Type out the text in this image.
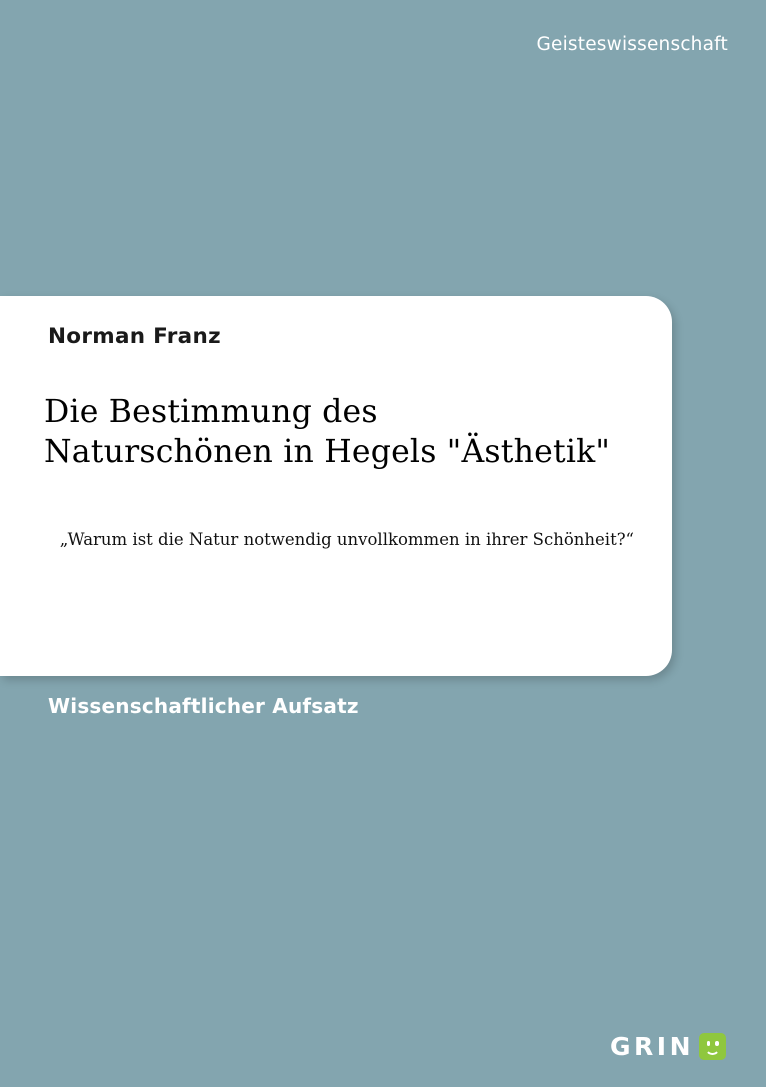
Geisteswissenschaft
Norman Franz
Die Bestimmung des Naturschönen in Hegels "Ästhetik"
„Warum ist die Natur notwendig unvollkommen in ihrer Schönheit?“
Wissenschaftlicher Aufsatz
GRIN
